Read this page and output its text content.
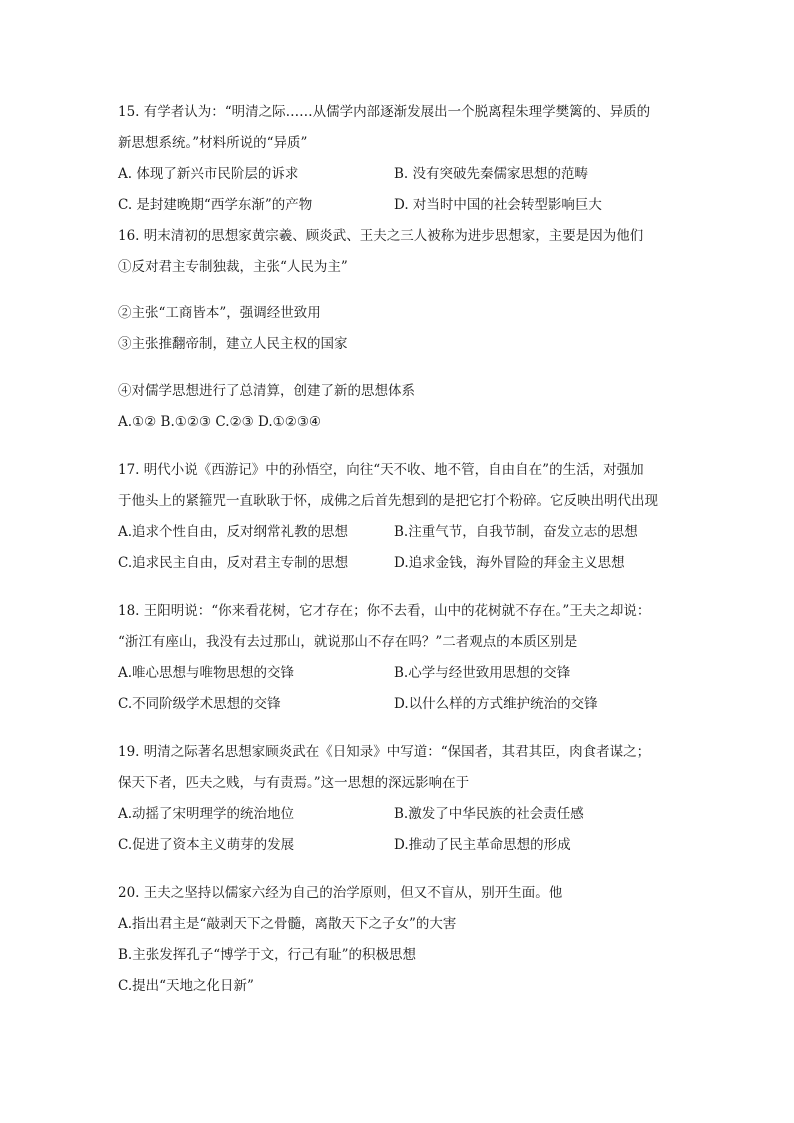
15. 有学者认为：“明清之际……从儒学内部逐渐发展出一个脱离程朱理学樊篱的、异质的
新思想系统。”材料所说的“异质”
A. 体现了新兴市民阶层的诉求	B. 没有突破先秦儒家思想的范畴
C. 是封建晚期“西学东渐”的产物	D. 对当时中国的社会转型影响巨大
16. 明末清初的思想家黄宗羲、顾炎武、王夫之三人被称为进步思想家，主要是因为他们
①反对君主专制独裁，主张“人民为主”
②主张“工商皆本”，强调经世致用
③主张推翻帝制，建立人民主权的国家
④对儒学思想进行了总清算，创建了新的思想体系
A.①② B.①②③ C.②③ D.①②③④
17. 明代小说《西游记》中的孙悟空，向往“天不收、地不管，自由自在”的生活，对强加
于他头上的紧箍咒一直耿耿于怀，成佛之后首先想到的是把它打个粉碎。它反映出明代出现
A.追求个性自由，反对纲常礼教的思想	B.注重气节，自我节制，奋发立志的思想
C.追求民主自由，反对君主专制的思想	D.追求金钱，海外冒险的拜金主义思想
18. 王阳明说：“你来看花树，它才存在；你不去看，山中的花树就不存在。”王夫之却说：
“浙江有座山，我没有去过那山，就说那山不存在吗？”二者观点的本质区别是
A.唯心思想与唯物思想的交锋	B.心学与经世致用思想的交锋
C.不同阶级学术思想的交锋	D.以什么样的方式维护统治的交锋
19. 明清之际著名思想家顾炎武在《日知录》中写道：“保国者，其君其臣，肉食者谋之；
保天下者，匹夫之贱，与有责焉。”这一思想的深远影响在于
A.动摇了宋明理学的统治地位	B.激发了中华民族的社会责任感
C.促进了资本主义萌芽的发展	D.推动了民主革命思想的形成
20. 王夫之坚持以儒家六经为自己的治学原则，但又不盲从，别开生面。他
A.指出君主是“敲剥天下之骨髓，离散天下之子女”的大害
B.主张发挥孔子“博学于文，行己有耻”的积极思想
C.提出“天地之化日新”
